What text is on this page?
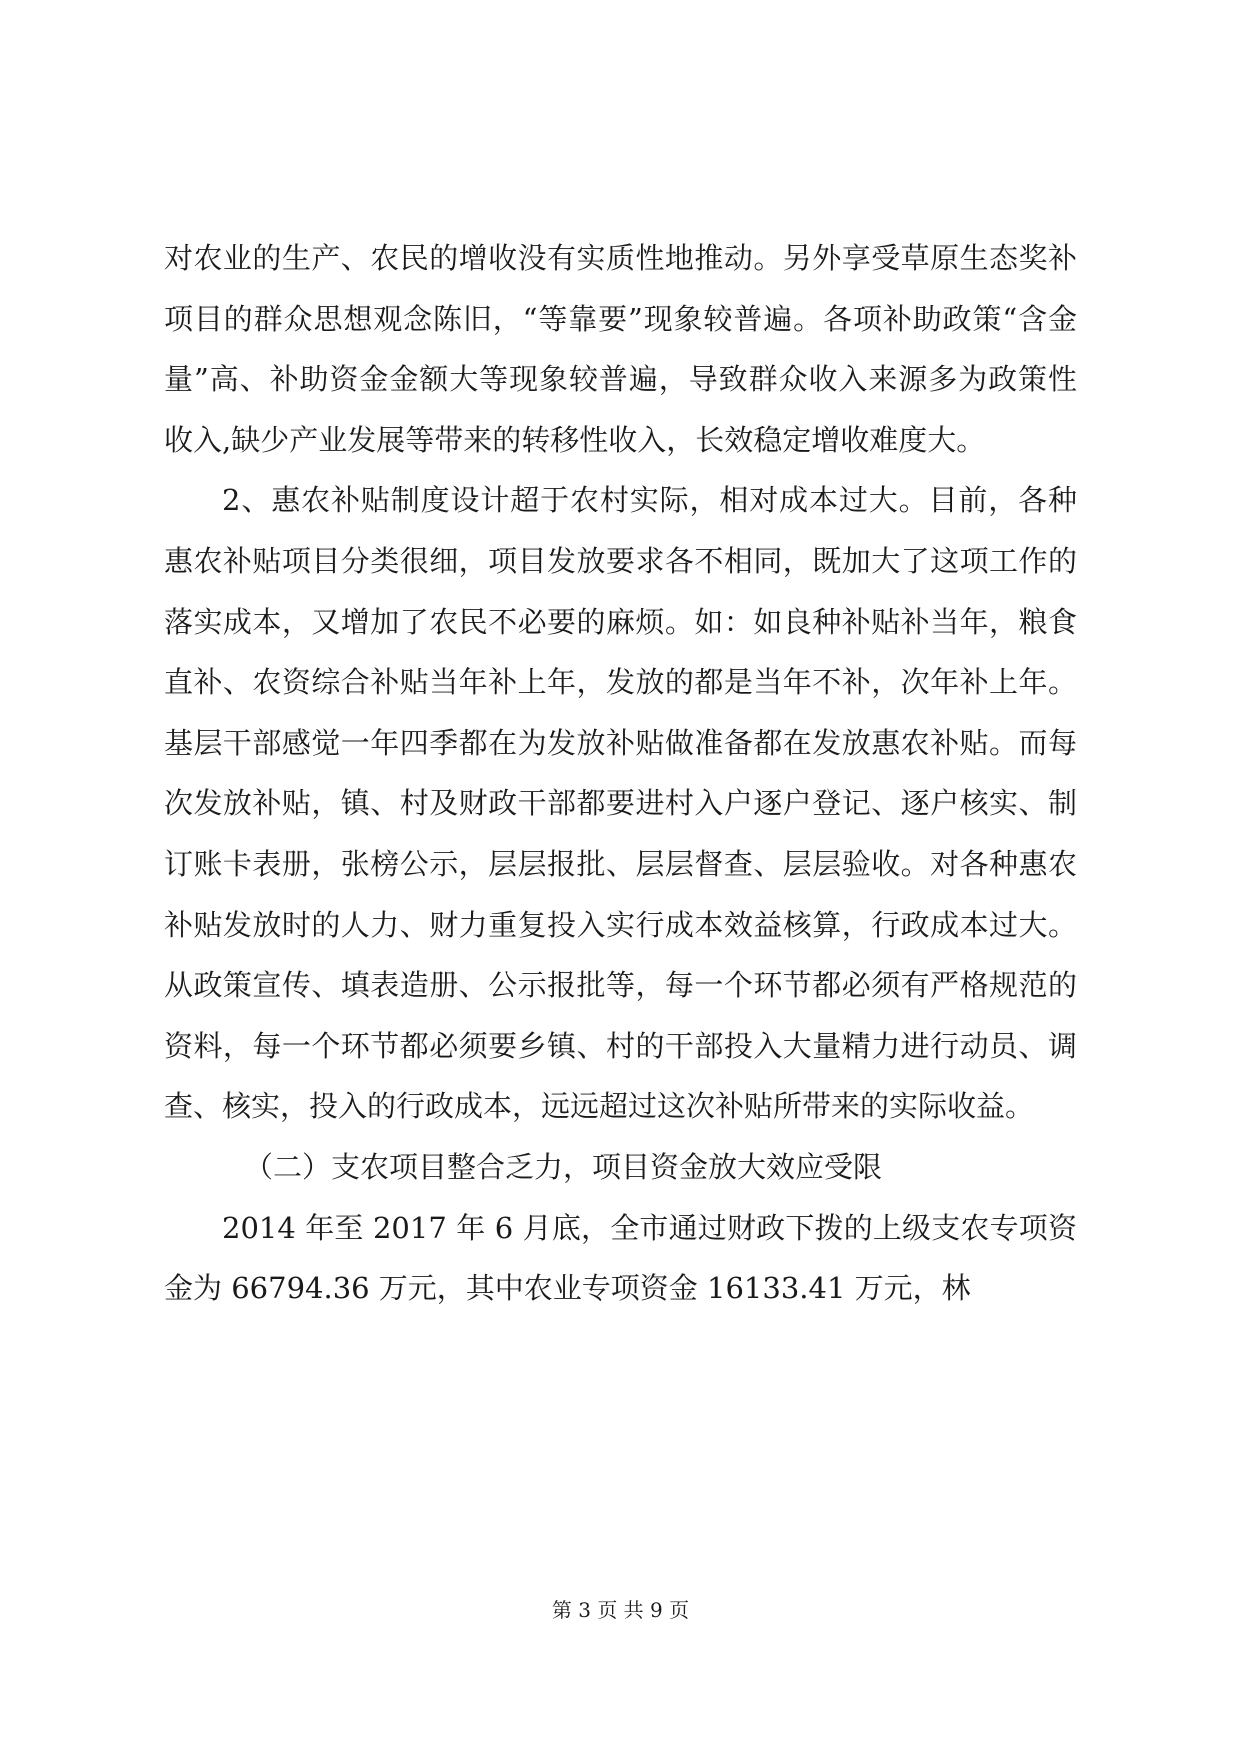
对农业的生产、农民的增收没有实质性地推动。另外享受草原生态奖补项目的群众思想观念陈旧，“等靠要”现象较普遍。各项补助政策“含金量”高、补助资金金额大等现象较普遍，导致群众收入来源多为政策性收入,缺少产业发展等带来的转移性收入，长效稳定增收难度大。

2、惠农补贴制度设计超于农村实际，相对成本过大。目前，各种惠农补贴项目分类很细，项目发放要求各不相同，既加大了这项工作的落实成本，又增加了农民不必要的麻烦。如：如良种补贴补当年，粮食直补、农资综合补贴当年补上年，发放的都是当年不补，次年补上年。基层干部感觉一年四季都在为发放补贴做准备都在发放惠农补贴。而每次发放补贴，镇、村及财政干部都要进村入户逐户登记、逐户核实、制订账卡表册，张榜公示，层层报批、层层督查、层层验收。对各种惠农补贴发放时的人力、财力重复投入实行成本效益核算，行政成本过大。从政策宣传、填表造册、公示报批等，每一个环节都必须有严格规范的资料，每一个环节都必须要乡镇、村的干部投入大量精力进行动员、调查、核实，投入的行政成本，远远超过这次补贴所带来的实际收益。

（二）支农项目整合乏力，项目资金放大效应受限

2014 年至 2017 年 6 月底，全市通过财政下拨的上级支农专项资金为 66794.36 万元，其中农业专项资金 16133.41 万元，林

第 3 页 共 9 页
